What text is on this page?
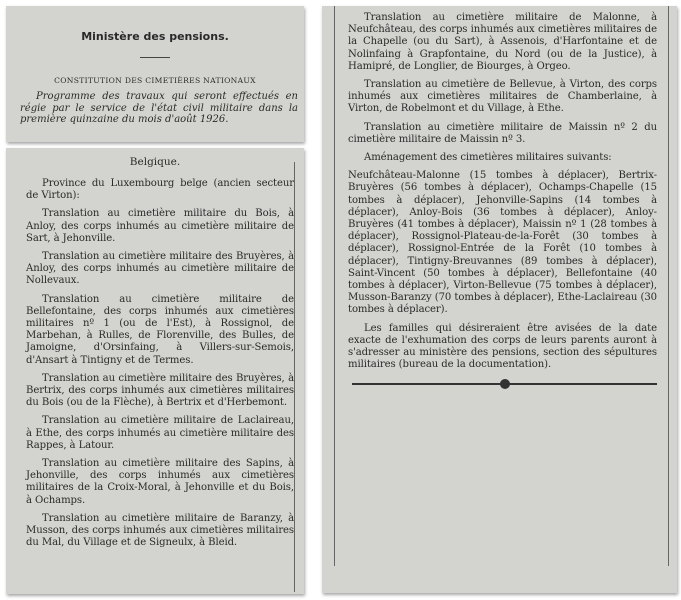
Ministère des pensions.
CONSTITUTION DES CIMETIÈRES NATIONAUX
Programme des travaux qui seront effectués en régie par le service de l'état civil militaire dans la première quinzaine du mois d'août 1926.
Belgique.

Province du Luxembourg belge (ancien secteur de Virton):

Translation au cimetière militaire du Bois, à Anloy, des corps inhumés au cimetière militaire de Sart, à Jehonville.

Translation au cimetière militaire des Bruyères, à Anloy, des corps inhumés au cimetière militaire de Nollevaux.

Translation au cimetière militaire de Bellefontaine, des corps inhumés aux cimetières militaires nº 1 (ou de l'Est), à Rossignol, de Marbehan, à Rulles, de Florenville, des Bulles, de Jamoigne, d'Orsinfaing, à Villers-sur-Semois, d'Ansart à Tintigny et de Termes.

Translation au cimetière militaire des Bruyères, à Bertrix, des corps inhumés aux cimetières militaires du Bois (ou de la Flèche), à Bertrix et d'Herbemont.

Translation au cimetière militaire de Laclaireau, à Ethe, des corps inhumés au cimetière militaire des Rappes, à Latour.

Translation au cimetière militaire des Sapins, à Jehonville, des corps inhumés aux cimetières militaires de la Croix-Moral, à Jehonville et du Bois, à Ochamps.

Translation au cimetière militaire de Baranzy, à Musson, des corps inhumés aux cimetières militaires du Mal, du Village et de Signeulx, à Bleid.

Translation au cimetière militaire de Malonne, à Neufchâteau, des corps inhumés aux cimetières militaires de la Chapelle (ou du Sart), à Assenois, d'Harfontaine et de Nolinfaing à Grapfontaine, du Nord (ou de la Justice), à Hamipré, de Longlier, de Biourges, à Orgeo.

Translation au cimetière de Bellevue, à Virton, des corps inhumés aux cimetières militaires de Chamberlaine, à Virton, de Robelmont et du Village, à Ethe.

Translation au cimetière militaire de Maissin nº 2 du cimetière militaire de Maissin nº 3.

Aménagement des cimetières militaires suivants:

Neufchâteau-Malonne (15 tombes à déplacer), Bertrix-Bruyères (56 tombes à déplacer), Ochamps-Chapelle (15 tombes à déplacer), Jehonville-Sapins (14 tombes à déplacer), Anloy-Bois (36 tombes à déplacer), Anloy-Bruyères (41 tombes à déplacer), Maissin nº 1 (28 tombes à déplacer), Rossignol-Plateau-de-la-Forêt (30 tombes à déplacer), Rossignol-Entrée de la Forêt (10 tombes à déplacer), Tintigny-Breuvannes (89 tombes à déplacer), Saint-Vincent (50 tombes à déplacer), Bellefontaine (40 tombes à déplacer), Virton-Bellevue (75 tombes à déplacer), Musson-Baranzy (70 tombes à déplacer), Ethe-Laclaireau (30 tombes à déplacer).

Les familles qui désireraient être avisées de la date exacte de l'exhumation des corps de leurs parents auront à s'adresser au ministère des pensions, section des sépultures militaires (bureau de la documentation).
